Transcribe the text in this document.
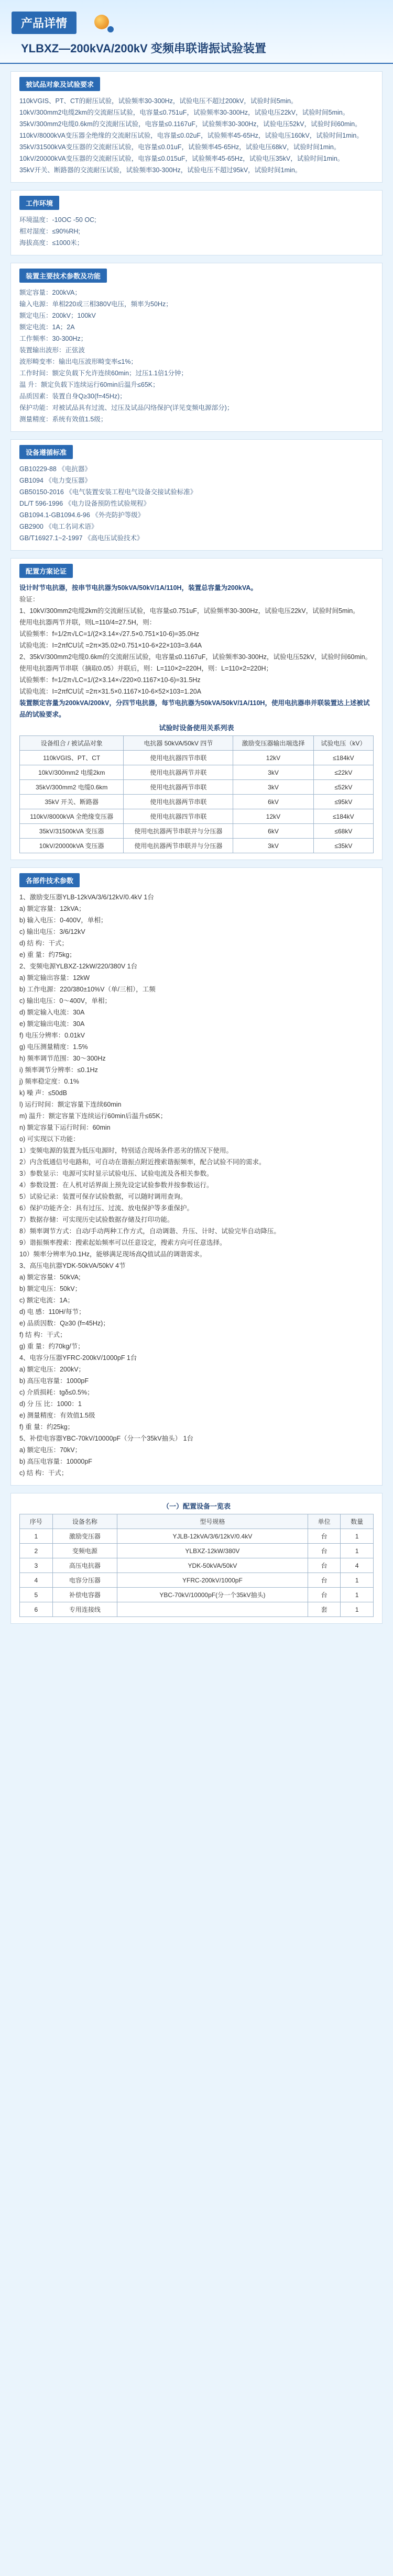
产品详情
YLBXZ—200kVA/200kV 变频串联谐振试验装置
被试品对象及试验要求

110kVGIS、PT、CT的耐压试验，试验频率30-300Hz，试验电压不超过200kV，试验时间5min。

10kV/300mm2电缆2km的交流耐压试验，电容量≤0.751uF，试验频率30-300Hz，试验电压22kV，试验时间5min。

35kV/300mm2电缆0.6km的交流耐压试验，电容量≤0.1167uF，试验频率30-300Hz，试验电压52kV，试验时间60min。

110kV/8000kVA变压器全绝缘的交流耐压试验，电容量≤0.02uF，试验频率45-65Hz，试验电压160kV，试验时间1min。

35kV/31500kVA变压器的交流耐压试验，电容量≤0.01uF，试验频率45-65Hz，试验电压68kV，试验时间1min。

10kV/20000kVA变压器的交流耐压试验，电容量≤0.015uF，试验频率45-65Hz，试验电压35kV，试验时间1min。

35kV开关、断路器的交流耐压试验，试验频率30-300Hz，试验电压不超过95kV，试验时间1min。

工作环境

环境温度：-10OC -50 OC;

相对湿度：≤90%RH;

海拔高度：≤1000米；

装置主要技术参数及功能

额定容量：200kVA；

输入电源：单相220或三相380V电压，频率为50Hz；

额定电压：200kV；100kV

额定电流：1A；2A

工作频率：30-300Hz；

装置输出波形：正弦波

波形畸变率：输出电压波形畸变率≤1%；

工作时间：额定负载下允许连续60min；过压1.1倍1分钟；

温 升：额定负载下连续运行60min后温升≤65K；

品质因素：装置自身Q≥30(f=45Hz)；

保护功能：对被试品具有过流、过压及试品闪络保护(详见变频电源部分)；

测量精度：系统有效值1.5级；

设备遵循标准

GB10229-88 《电抗器》

GB1094 《电力变压器》

GB50150-2016 《电气装置安装工程电气设备交接试验标准》

DL/T 596-1996 《电力设备预防性试验规程》

GB1094.1-GB1094.6-96 《外壳防护等级》

GB2900 《电工名词术语》

GB/T16927.1~2-1997 《高电压试验技术》

配置方案论证

设计时节电抗器，按串节电抗器为50kVA/50kV/1A/110H，装置总容量为200kVA。

验证：

1、10kV/300mm2电缆2km的交流耐压试验，电容量≤0.751uF，试验频率30-300Hz，试验电压22kV，试验时间5min。

使用电抗器两节并联，则L=110/4=27.5H，则：

试验频率：f=1/2π√LC=1/(2×3.14×√27.5×0.751×10-6)=35.0Hz

试验电流：I=2πfCU试 =2π×35.02×0.751×10-6×22×103=3.64A

2、35kV/300mm2电缆0.6km的交流耐压试验，电容量≤0.1167uF，试验频率30-300Hz，试验电压52kV，试验时间60min。

使用电抗器两节串联（摘取0.05）并联后，则：L=110×2=220H，则：L=110×2=220H；

试验频率：f=1/2π√LC=1/(2×3.14×√220×0.1167×10-6)=31.5Hz

试验电流：I=2πfCU试 =2π×31.5×0.1167×10-6×52×103=1.20A

装置额定容量为200kVA/200kV，分四节电抗器，每节电抗器为50kVA/50kV/1A/110H，使用电抗器串并联装置达上述被试品的试验要求。

试验时设备使用关系列表
设备组合 / 被试品对象	电抗器 50kVA/50kV 四节	激励变压器输出端选择	试验电压（kV）
110kVGIS、PT、CT	使用电抗器四节串联	12kV	≤184kV
10kV/300mm2 电缆2km	使用电抗器两节并联	3kV	≤22kV
35kV/300mm2 电缆0.6km	使用电抗器两节串联	3kV	≤52kV
35kV 开关、断路器	使用电抗器两节串联	6kV	≤95kV
110kV/8000kVA 全绝缘变压器	使用电抗器四节串联	12kV	≤184kV
35kV/31500kVA 变压器	使用电抗器两节串联并与分压器	6kV	≤68kV
10kV/20000kVA 变压器	使用电抗器两节串联并与分压器	3kV	≤35kV
各部件技术参数

1、激励变压器YLB-12kVA/3/6/12kV/0.4kV 1台

a) 额定容量：12kVA；

b) 输入电压：0-400V，单相；

c) 输出电压：3/6/12kV

d) 结 构：干式；

e) 重 量：约75kg；

2、变频电源YLBXZ-12kW/220/380V 1台

a) 额定输出容量：12kW

b) 工作电源：220/380±10%V（单/三相），工频

c) 输出电压：0～400V，单相；

d) 额定输入电流：30A

e) 额定输出电流：30A

f) 电压分辨率：0.01kV

g) 电压测量精度：1.5%

h) 频率调节范围：30～300Hz

i) 频率调节分辨率：≤0.1Hz

j) 频率稳定度：0.1%

k) 噪 声：≤50dB

l) 运行时间：额定容量下连续60min

m) 温升：额定容量下连续运行60min后温升≤65K；

n) 额定容量下运行时间：60min

o) 可实现以下功能：

1）变频电源的装置为低压电源时，特别适合现场条件恶劣的情况下使用。

2）内含低通信号电路和，可自动在谐振点附近搜索谐振频率，配合试验不同的需求。

3）参数显示：电源可实时显示试验电压、试验电流及各相关参数。

4）参数设置：在人机对话界面上预先设定试验参数并按参数运行。

5）试验记录：装置可保存试验数据，可以随时调用查询。

6）保护功能齐全：具有过压、过流、放电保护等多重保护。

7）数据存储：可实现历史试验数据存储及打印功能。

8）频率调节方式：自动/手动两种工作方式，自动调谐、升压、计时、试验完毕自动降压。

9）谐振频率搜索：搜索起始频率可以任意设定，搜索方向可任意选择。

10）频率分辨率为0.1Hz，能够满足现场高Q值试品的调谐需求。

3、高压电抗器YDK-50kVA/50kV 4节

a) 额定容量：50kVA;

b) 额定电压：50kV；

c) 额定电流：1A；

d) 电 感：110H/每节；

e) 品质因数：Q≥30 (f=45Hz)；

f) 结 构：干式；

g) 重 量：约70kg/节；

4、电容分压器YFRC-200kV/1000pF 1台

a) 额定电压：200kV；

b) 高压电容量：1000pF

c) 介质损耗：tgδ≤0.5%；

d) 分 压 比：1000：1

e) 测量精度：有效值1.5级

f) 重 量：约25kg；

5、补偿电容器YBC-70kV/10000pF（分一个35kV抽头） 1台

a) 额定电压：70kV；

b) 高压电容量：10000pF

c) 结 构：干式；

（一）配置设备一览表
序号	设备名称	型号规格	单位	数量
1	激励变压器	YJLB-12kVA/3/6/12kV/0.4kV	台	1
2	变频电源	YLBXZ-12kW/380V	台	1
3	高压电抗器	YDK-50kVA/50kV	台	4
4	电容分压器	YFRC-200kV/1000pF	台	1
5	补偿电容器	YBC-70kV/10000pF(分一个35kV抽头)	台	1
6	专用连接线		套	1
